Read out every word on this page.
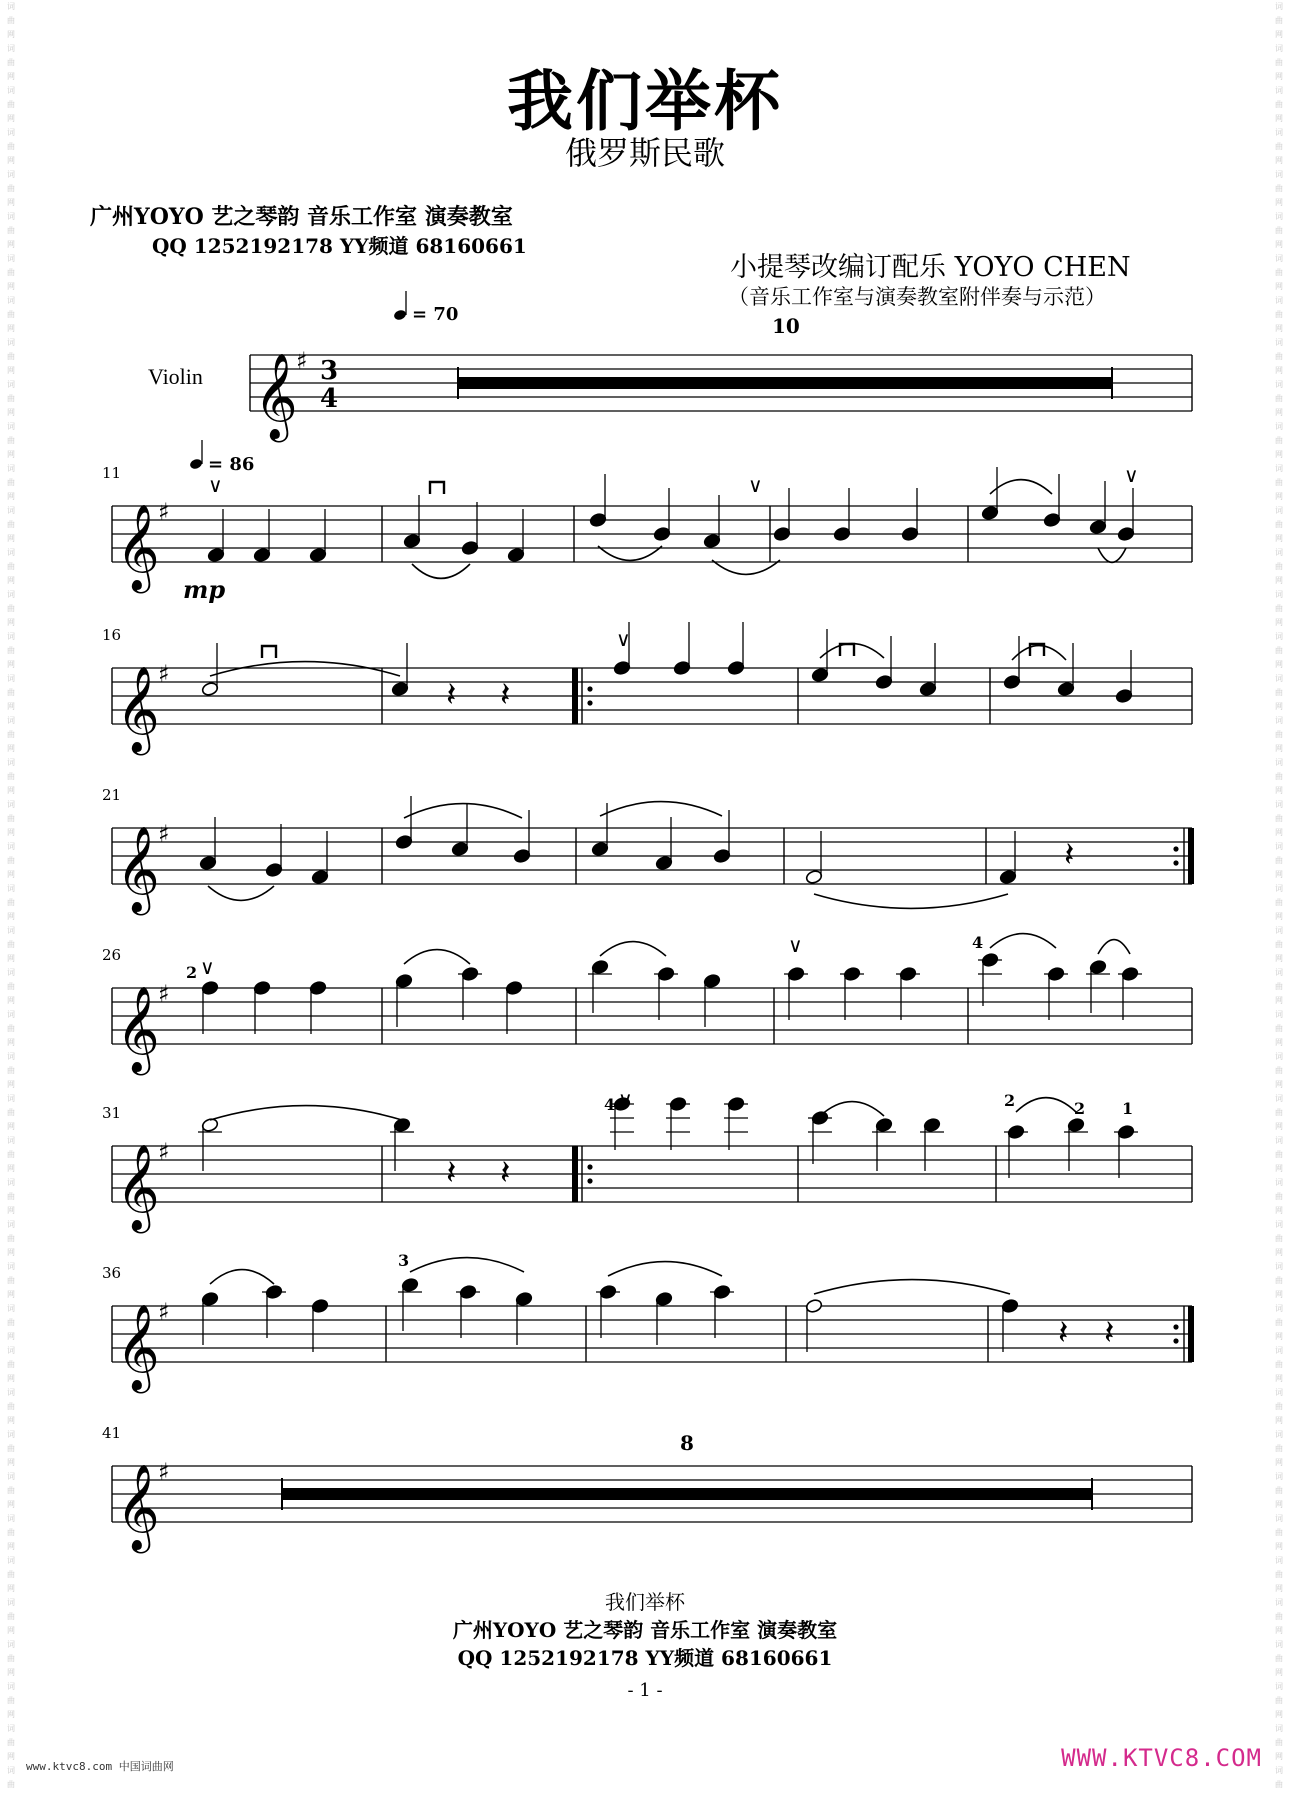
词
曲
网
词
曲
网
词
曲
网
词
曲
网
词
曲
网
词
曲
网
词
曲
网
词
曲
网
词
曲
网
词
曲
网
词
曲
网
词
曲
网
词
曲
网
词
曲
网
词
曲
网
词
曲
网
词
曲
网
词
曲
网
词
曲
网
词
曲
网
词
曲
网
词
曲
网
词
曲
网
词
曲
网
词
曲
网
词
曲
网
词
曲
网
词
曲
网
词
曲
网
词
曲
网
词
曲
网
词
曲
网
词
曲
网
词
曲
网
词
曲
网
词
曲
网
词
曲
网
词
曲
网
词
曲
网
词
曲
网
词
曲
网
词
曲
网
词
曲
词
曲
网
词
曲
网
词
曲
网
词
曲
网
词
曲
网
词
曲
网
词
曲
网
词
曲
网
词
曲
网
词
曲
网
词
曲
网
词
曲
网
词
曲
网
词
曲
网
词
曲
网
词
曲
网
词
曲
网
词
曲
网
词
曲
网
词
曲
网
词
曲
网
词
曲
网
词
曲
网
词
曲
网
词
曲
网
词
曲
网
词
曲
网
词
曲
网
词
曲
网
词
曲
网
词
曲
网
词
曲
网
词
曲
网
词
曲
网
词
曲
网
词
曲
网
词
曲
网
词
曲
网
词
曲
网
词
曲
网
词
曲
网
词
曲
网
词
曲
我们举杯
俄罗斯民歌
广州YOYO 艺之琴韵 音乐工作室 演奏教室
QQ 1252192178 YY频道 68160661
小提琴改编订配乐 YOYO CHEN
（音乐工作室与演奏教室附伴奏与示范）
Violin 𝄞
♯ 3
4
𝄞
♯
𝄞
♯
𝄞
♯
𝄞
♯
𝄞
♯
𝄞
♯
𝄞
♯
𝄽 𝄽
𝄽
𝄽 𝄽
𝄽 𝄽
10
= 70
11	= 86
mp
∨	∨	∨
16	∨
21
26
2 ∨
∨	4
31	4 ∨	2	2 1
36
3
41	8
我们举杯
广州YOYO 艺之琴韵 音乐工作室 演奏教室
QQ 1252192178 YY频道 68160661
- 1 -
www.ktvc8.com 中国词曲网	WWW.KTVC8.COM
